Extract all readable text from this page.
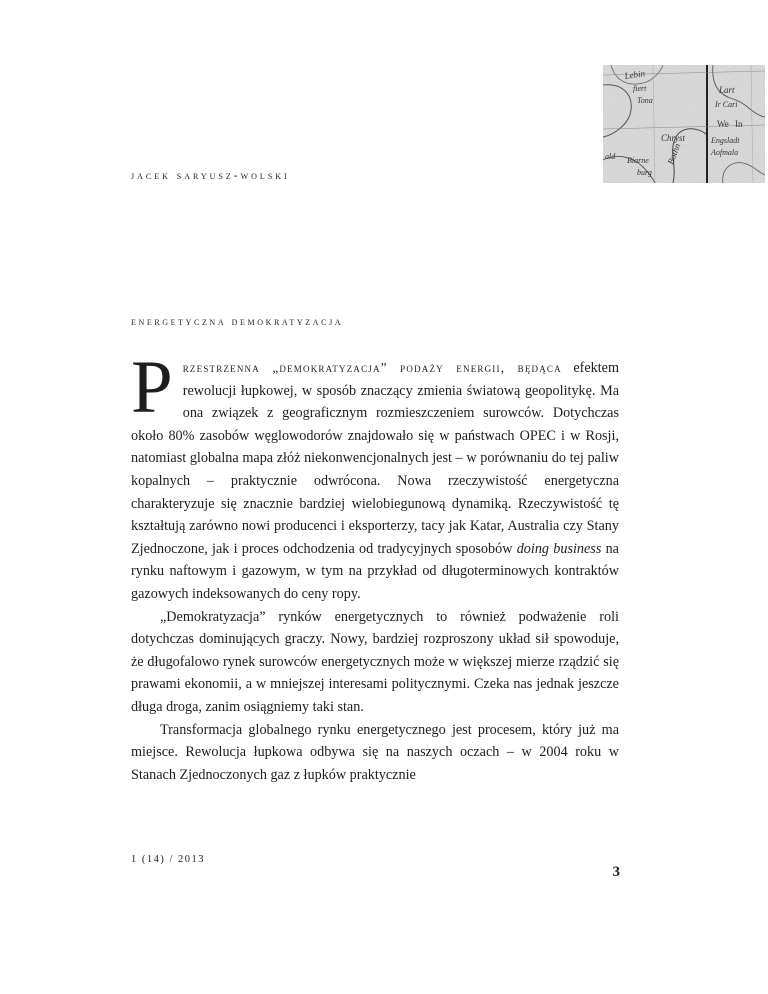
Lebin
fiert
Tona
Bothn
Lart
Ir Cari
We In
Chryst	Engsladt
Aofmala
ald Biarne
burg
jacek saryusz-wolski
energetyczna demokratyzacja

Przestrzenna „demokratyzacja” podaży energii, będąca efektem rewolucji łupkowej, w sposób znaczący zmienia światową geopolitykę. Ma ona związek z geograficznym rozmieszczeniem surowców. Dotychczas około 80% zasobów węglowodorów znajdowało się w państwach OPEC i w Rosji, natomiast globalna mapa złóż niekonwencjonalnych jest – w porównaniu do tej paliw kopalnych – praktycznie odwrócona. Nowa rzeczywistość energetyczna charakteryzuje się znacznie bardziej wielobiegunową dynamiką. Rzeczywistość tę kształtują zarówno nowi producenci i eksporterzy, tacy jak Katar, Australia czy Stany Zjednoczone, jak i proces odchodzenia od tradycyjnych sposobów doing business na rynku naftowym i gazowym, w tym na przykład od długoterminowych kontraktów gazowych indeksowanych do ceny ropy.

„Demokratyzacja” rynków energetycznych to również podważenie roli dotychczas dominujących graczy. Nowy, bardziej rozproszony układ sił spowoduje, że długofalowo rynek surowców energetycznych może w większej mierze rządzić się prawami ekonomii, a w mniejszej interesami politycznymi. Czeka nas jednak jeszcze długa droga, zanim osiągniemy taki stan.

Transformacja globalnego rynku energetycznego jest procesem, który już ma miejsce. Rewolucja łupkowa odbywa się na naszych oczach – w 2004 roku w Stanach Zjednoczonych gaz z łupków praktycznie

1 (14) / 2013
3
